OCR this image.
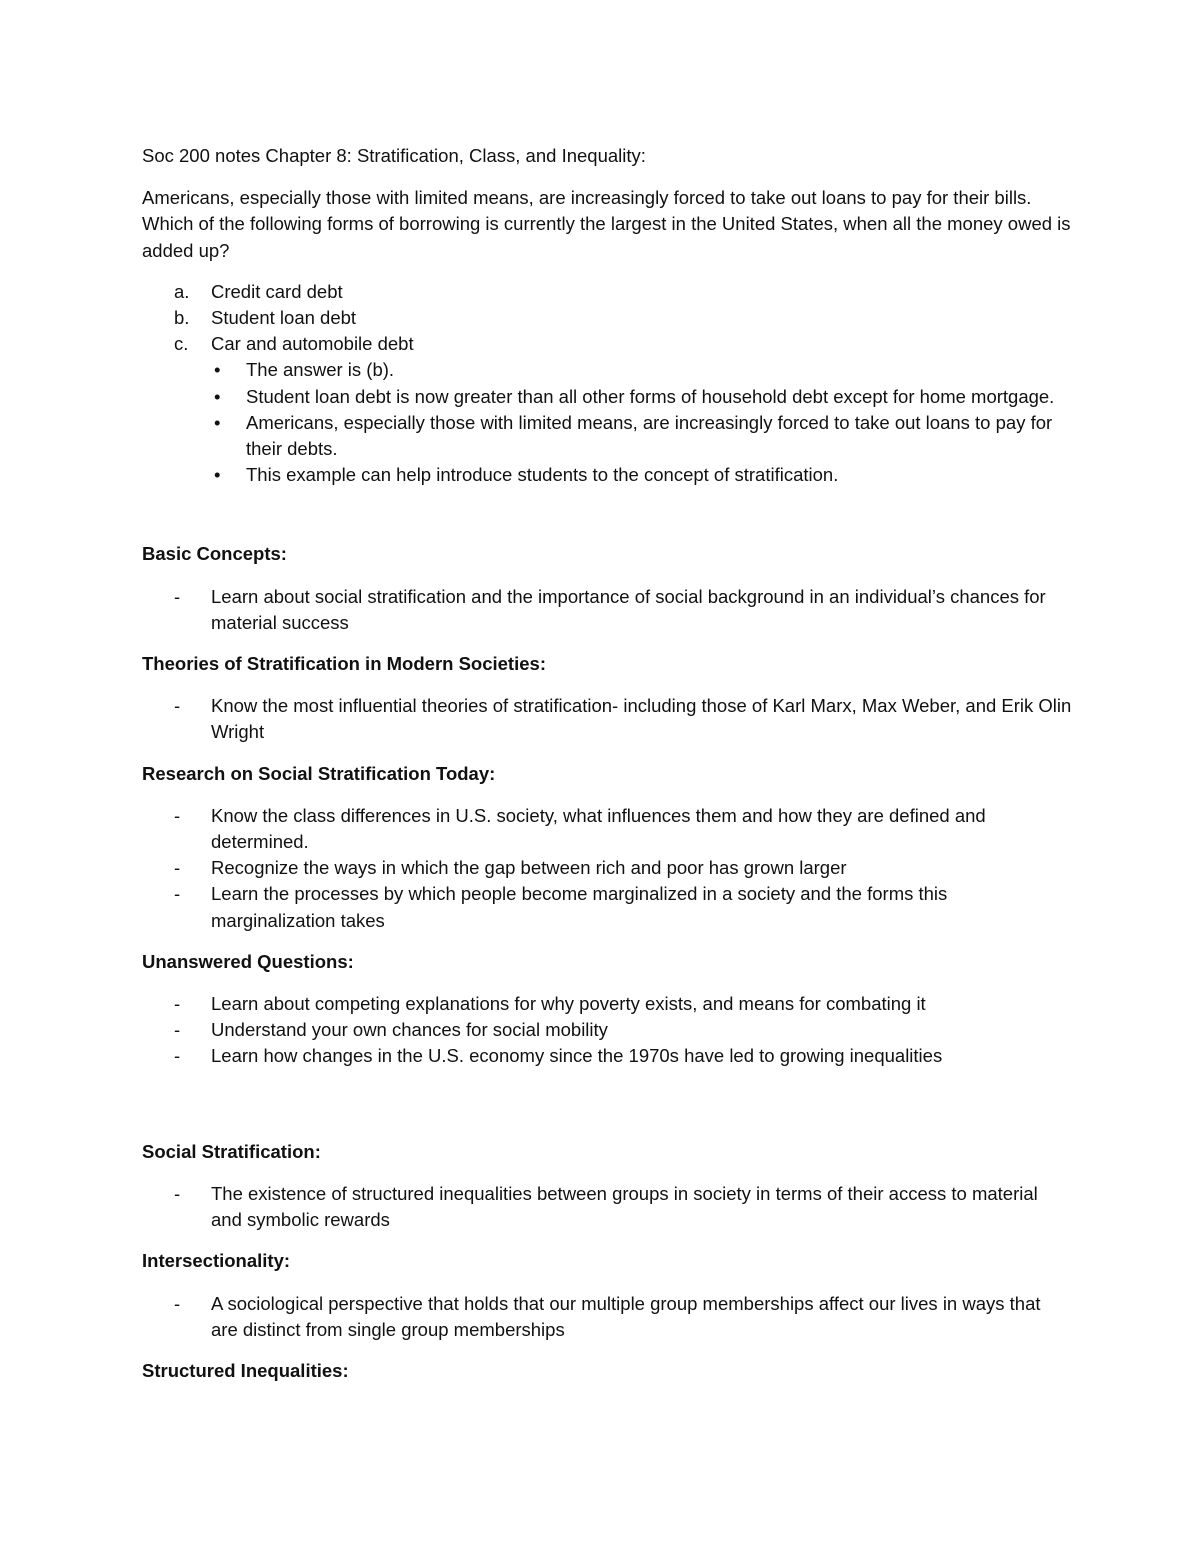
Soc 200 notes Chapter 8: Stratification, Class, and Inequality:

Americans, especially those with limited means, are increasingly forced to take out loans to pay for their bills. Which of the following forms of borrowing is currently the largest in the United States, when all the money owed is added up?

a. Credit card debt
b. Student loan debt
c. Car and automobile debt
• The answer is (b).
• Student loan debt is now greater than all other forms of household debt except for home mortgage.
• Americans, especially those with limited means, are increasingly forced to take out loans to pay for their debts.
• This example can help introduce students to the concept of stratification.

Basic Concepts:

- Learn about social stratification and the importance of social background in an individual’s chances for material success

Theories of Stratification in Modern Societies:

- Know the most influential theories of stratification- including those of Karl Marx, Max Weber, and Erik Olin Wright

Research on Social Stratification Today:

- Know the class differences in U.S. society, what influences them and how they are defined and determined.
- Recognize the ways in which the gap between rich and poor has grown larger
- Learn the processes by which people become marginalized in a society and the forms this marginalization takes

Unanswered Questions:

- Learn about competing explanations for why poverty exists, and means for combating it
- Understand your own chances for social mobility
- Learn how changes in the U.S. economy since the 1970s have led to growing inequalities

Social Stratification:

- The existence of structured inequalities between groups in society in terms of their access to material and symbolic rewards

Intersectionality:

- A sociological perspective that holds that our multiple group memberships affect our lives in ways that are distinct from single group memberships

Structured Inequalities:
